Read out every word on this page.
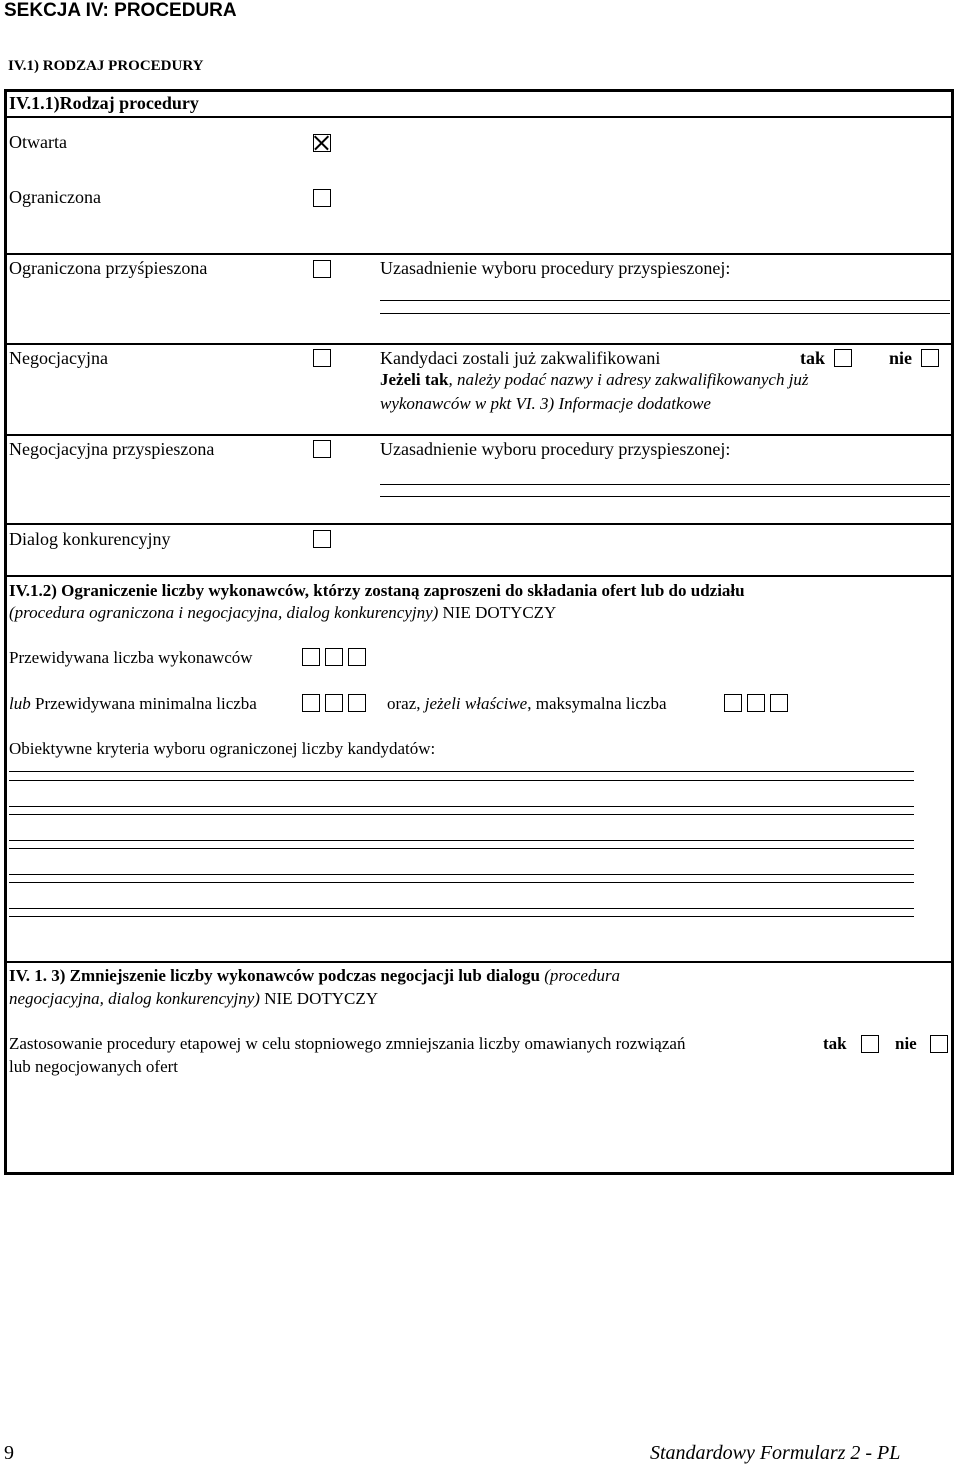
SEKCJA IV: PROCEDURA
IV.1) RODZAJ PROCEDURY
IV.1.1)Rodzaj procedury
Otwarta
Ograniczona
Ograniczona przyśpieszona	Uzasadnienie wyboru procedury przyspieszonej:
Negocjacyjna	Kandydaci zostali już zakwalifikowani	tak	nie
Jeżeli tak, należy podać nazwy i adresy zakwalifikowanych już
wykonawców w pkt VI. 3) Informacje dodatkowe
Negocjacyjna przyspieszona	Uzasadnienie wyboru procedury przyspieszonej:
Dialog konkurencyjny
IV.1.2) Ograniczenie liczby wykonawców, którzy zostaną zaproszeni do składania ofert lub do udziału
(procedura ograniczona i negocjacyjna, dialog konkurencyjny) NIE DOTYCZY
Przewidywana liczba wykonawców
lub Przewidywana minimalna liczba	oraz, jeżeli właściwe, maksymalna liczba
Obiektywne kryteria wyboru ograniczonej liczby kandydatów:
IV. 1. 3) Zmniejszenie liczby wykonawców podczas negocjacji lub dialogu (procedura
negocjacyjna, dialog konkurencyjny) NIE DOTYCZY
Zastosowanie procedury etapowej w celu stopniowego zmniejszania liczby omawianych rozwiązań
lub negocjowanych ofert
tak	nie
9	Standardowy Formularz 2 - PL
